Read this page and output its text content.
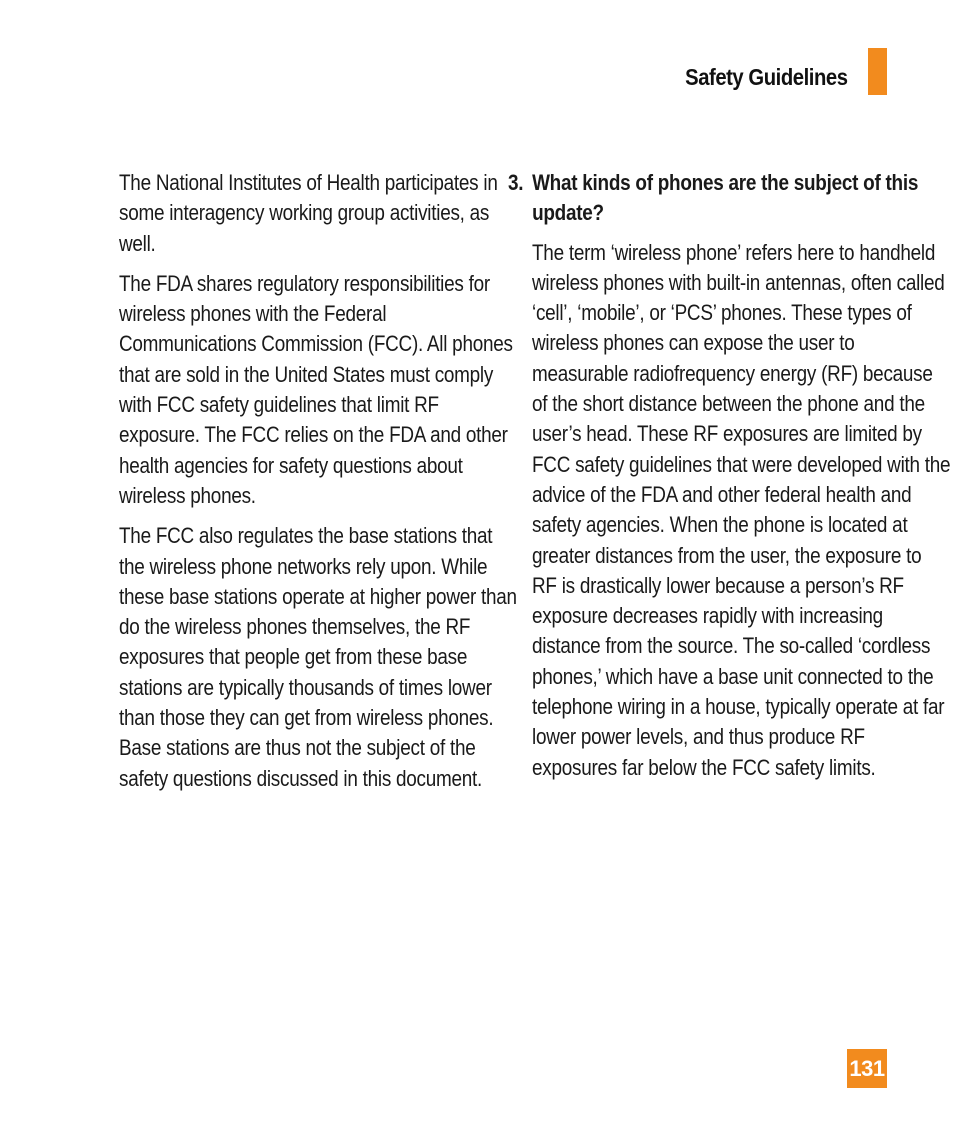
Safety Guidelines

The National Institutes of Health participates in some interagency working group activities, as well.

The FDA shares regulatory responsibilities for wireless phones with the Federal Communications Commission (FCC). All phones that are sold in the United States must comply with FCC safety guidelines that limit RF exposure. The FCC relies on the FDA and other health agencies for safety questions about wireless phones.

The FCC also regulates the base stations that the wireless phone networks rely upon. While these base stations operate at higher power than do the wireless phones themselves, the RF exposures that people get from these base stations are typically thousands of times lower than those they can get from wireless phones. Base stations are thus not the subject of the safety questions discussed in this document.

3. What kinds of phones are the subject of this update?

The term ‘wireless phone’ refers here to handheld wireless phones with built-in antennas, often called ‘cell’, ‘mobile’, or ‘PCS’ phones. These types of wireless phones can expose the user to measurable radiofrequency energy (RF) because of the short distance between the phone and the user’s head. These RF exposures are limited by FCC safety guidelines that were developed with the advice of the FDA and other federal health and safety agencies. When the phone is located at greater distances from the user, the exposure to RF is drastically lower because a person’s RF exposure decreases rapidly with increasing distance from the source. The so-called ‘cordless phones,’ which have a base unit connected to the telephone wiring in a house, typically operate at far lower power levels, and thus produce RF exposures far below the FCC safety limits.

131
